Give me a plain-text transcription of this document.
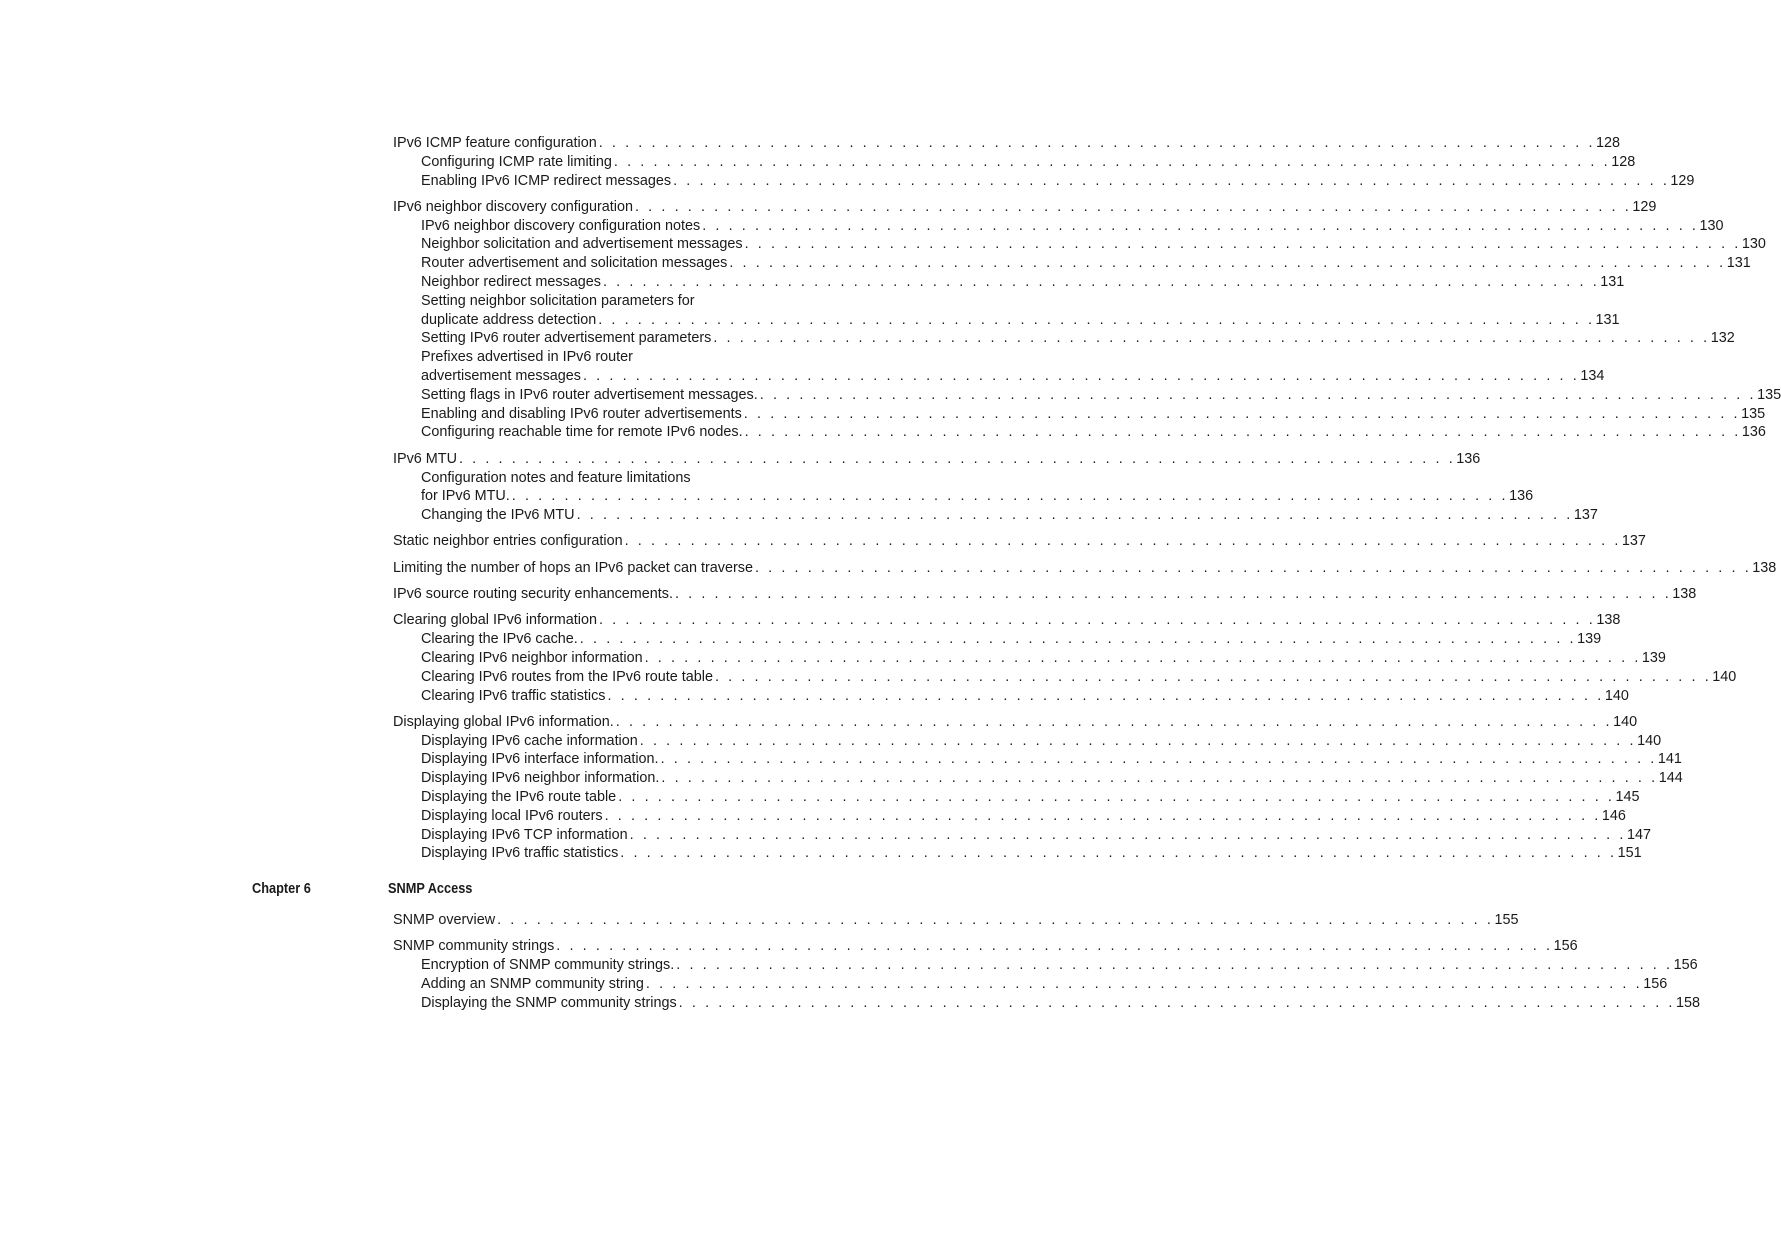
IPv6 ICMP feature configuration . . . . . . . . . . . . . . . . . . . . . . . . . . . . . . . . . . . . . . . . . . . . . . . . . . . . . . . . . . . . . . . . . . . . . . . . . . . . 128
Configuring ICMP rate limiting . . . . . . . . . . . . . . . . . . . . . . . . . . . . . . . . . . . . . . . . . . . . . . . . . . . . . . . . . . . . . . . . . . . . . . . . . . . . 128
Enabling IPv6 ICMP redirect messages . . . . . . . . . . . . . . . . . . . . . . . . . . . . . . . . . . . . . . . . . . . . . . . . . . . . . . . . . . . . . . . . . . . . . . . . . . . . 129
IPv6 neighbor discovery configuration . . . . . . . . . . . . . . . . . . . . . . . . . . . . . . . . . . . . . . . . . . . . . . . . . . . . . . . . . . . . . . . . . . . . . . . . . . . . 129
IPv6 neighbor discovery configuration notes . . . . . . . . . . . . . . . . . . . . . . . . . . . . . . . . . . . . . . . . . . . . . . . . . . . . . . . . . . . . . . . . . . . . . . . . . . . . 130
Neighbor solicitation and advertisement messages . . . . . . . . . . . . . . . . . . . . . . . . . . . . . . . . . . . . . . . . . . . . . . . . . . . . . . . . . . . . . . . . . . . . . . . . . . . . 130
Router advertisement and solicitation messages . . . . . . . . . . . . . . . . . . . . . . . . . . . . . . . . . . . . . . . . . . . . . . . . . . . . . . . . . . . . . . . . . . . . . . . . . . . . 131
Neighbor redirect messages . . . . . . . . . . . . . . . . . . . . . . . . . . . . . . . . . . . . . . . . . . . . . . . . . . . . . . . . . . . . . . . . . . . . . . . . . . . . 131
Setting neighbor solicitation parameters for
duplicate address detection . . . . . . . . . . . . . . . . . . . . . . . . . . . . . . . . . . . . . . . . . . . . . . . . . . . . . . . . . . . . . . . . . . . . . . . . . . . . 131
Setting IPv6 router advertisement parameters . . . . . . . . . . . . . . . . . . . . . . . . . . . . . . . . . . . . . . . . . . . . . . . . . . . . . . . . . . . . . . . . . . . . . . . . . . . . 132
Prefixes advertised in IPv6 router
advertisement messages . . . . . . . . . . . . . . . . . . . . . . . . . . . . . . . . . . . . . . . . . . . . . . . . . . . . . . . . . . . . . . . . . . . . . . . . . . . . 134
Setting flags in IPv6 router advertisement messages. . . . . . . . . . . . . . . . . . . . . . . . . . . . . . . . . . . . . . . . . . . . . . . . . . . . . . . . . . . . . . . . . . . . . . . . . . . . . 135
Enabling and disabling IPv6 router advertisements . . . . . . . . . . . . . . . . . . . . . . . . . . . . . . . . . . . . . . . . . . . . . . . . . . . . . . . . . . . . . . . . . . . . . . . . . . . . 135
Configuring reachable time for remote IPv6 nodes. . . . . . . . . . . . . . . . . . . . . . . . . . . . . . . . . . . . . . . . . . . . . . . . . . . . . . . . . . . . . . . . . . . . . . . . . . . . . 136
IPv6 MTU . . . . . . . . . . . . . . . . . . . . . . . . . . . . . . . . . . . . . . . . . . . . . . . . . . . . . . . . . . . . . . . . . . . . . . . . . . . . 136
Configuration notes and feature limitations
for IPv6 MTU. . . . . . . . . . . . . . . . . . . . . . . . . . . . . . . . . . . . . . . . . . . . . . . . . . . . . . . . . . . . . . . . . . . . . . . . . . . . . 136
Changing the IPv6 MTU . . . . . . . . . . . . . . . . . . . . . . . . . . . . . . . . . . . . . . . . . . . . . . . . . . . . . . . . . . . . . . . . . . . . . . . . . . . . 137
Static neighbor entries configuration . . . . . . . . . . . . . . . . . . . . . . . . . . . . . . . . . . . . . . . . . . . . . . . . . . . . . . . . . . . . . . . . . . . . . . . . . . . . 137
Limiting the number of hops an IPv6 packet can traverse . . . . . . . . . . . . . . . . . . . . . . . . . . . . . . . . . . . . . . . . . . . . . . . . . . . . . . . . . . . . . . . . . . . . . . . . . . . . 138
IPv6 source routing security enhancements. . . . . . . . . . . . . . . . . . . . . . . . . . . . . . . . . . . . . . . . . . . . . . . . . . . . . . . . . . . . . . . . . . . . . . . . . . . . . 138
Clearing global IPv6 information . . . . . . . . . . . . . . . . . . . . . . . . . . . . . . . . . . . . . . . . . . . . . . . . . . . . . . . . . . . . . . . . . . . . . . . . . . . . 138
Clearing the IPv6 cache. . . . . . . . . . . . . . . . . . . . . . . . . . . . . . . . . . . . . . . . . . . . . . . . . . . . . . . . . . . . . . . . . . . . . . . . . . . . . 139
Clearing IPv6 neighbor information . . . . . . . . . . . . . . . . . . . . . . . . . . . . . . . . . . . . . . . . . . . . . . . . . . . . . . . . . . . . . . . . . . . . . . . . . . . . 139
Clearing IPv6 routes from the IPv6 route table . . . . . . . . . . . . . . . . . . . . . . . . . . . . . . . . . . . . . . . . . . . . . . . . . . . . . . . . . . . . . . . . . . . . . . . . . . . . 140
Clearing IPv6 traffic statistics . . . . . . . . . . . . . . . . . . . . . . . . . . . . . . . . . . . . . . . . . . . . . . . . . . . . . . . . . . . . . . . . . . . . . . . . . . . . 140
Displaying global IPv6 information. . . . . . . . . . . . . . . . . . . . . . . . . . . . . . . . . . . . . . . . . . . . . . . . . . . . . . . . . . . . . . . . . . . . . . . . . . . . . 140
Displaying IPv6 cache information . . . . . . . . . . . . . . . . . . . . . . . . . . . . . . . . . . . . . . . . . . . . . . . . . . . . . . . . . . . . . . . . . . . . . . . . . . . . 140
Displaying IPv6 interface information. . . . . . . . . . . . . . . . . . . . . . . . . . . . . . . . . . . . . . . . . . . . . . . . . . . . . . . . . . . . . . . . . . . . . . . . . . . . . 141
Displaying IPv6 neighbor information. . . . . . . . . . . . . . . . . . . . . . . . . . . . . . . . . . . . . . . . . . . . . . . . . . . . . . . . . . . . . . . . . . . . . . . . . . . . . 144
Displaying the IPv6 route table . . . . . . . . . . . . . . . . . . . . . . . . . . . . . . . . . . . . . . . . . . . . . . . . . . . . . . . . . . . . . . . . . . . . . . . . . . . . 145
Displaying local IPv6 routers . . . . . . . . . . . . . . . . . . . . . . . . . . . . . . . . . . . . . . . . . . . . . . . . . . . . . . . . . . . . . . . . . . . . . . . . . . . . 146
Displaying IPv6 TCP information . . . . . . . . . . . . . . . . . . . . . . . . . . . . . . . . . . . . . . . . . . . . . . . . . . . . . . . . . . . . . . . . . . . . . . . . . . . . 147
Displaying IPv6 traffic statistics . . . . . . . . . . . . . . . . . . . . . . . . . . . . . . . . . . . . . . . . . . . . . . . . . . . . . . . . . . . . . . . . . . . . . . . . . . . . 151
Chapter 6	SNMP Access
SNMP overview . . . . . . . . . . . . . . . . . . . . . . . . . . . . . . . . . . . . . . . . . . . . . . . . . . . . . . . . . . . . . . . . . . . . . . . . . . . . 155
SNMP community strings . . . . . . . . . . . . . . . . . . . . . . . . . . . . . . . . . . . . . . . . . . . . . . . . . . . . . . . . . . . . . . . . . . . . . . . . . . . . 156
Encryption of SNMP community strings. . . . . . . . . . . . . . . . . . . . . . . . . . . . . . . . . . . . . . . . . . . . . . . . . . . . . . . . . . . . . . . . . . . . . . . . . . . . . 156
Adding an SNMP community string . . . . . . . . . . . . . . . . . . . . . . . . . . . . . . . . . . . . . . . . . . . . . . . . . . . . . . . . . . . . . . . . . . . . . . . . . . . . 156
Displaying the SNMP community strings . . . . . . . . . . . . . . . . . . . . . . . . . . . . . . . . . . . . . . . . . . . . . . . . . . . . . . . . . . . . . . . . . . . . . . . . . . . . 158
